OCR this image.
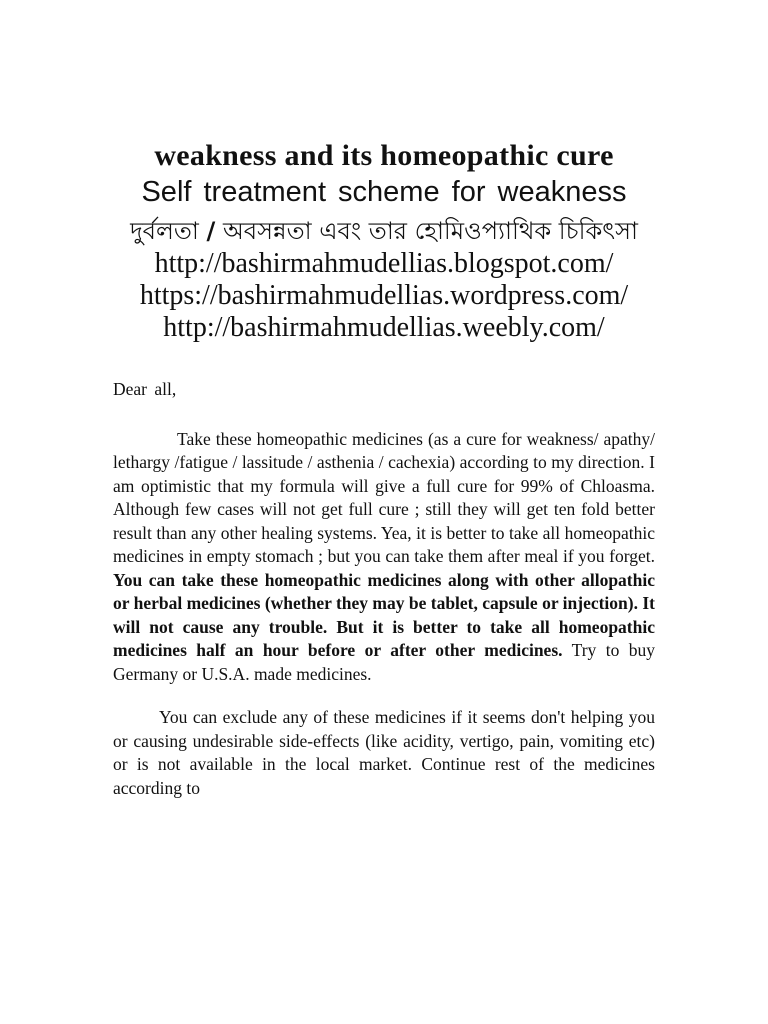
weakness and its homeopathic cure
Self treatment scheme for weakness
দুর্বলতা / অবসন্নতা এবং তার হোমিওপ্যাথিক চিকিৎসা
http://bashirmahmudellias.blogspot.com/
https://bashirmahmudellias.wordpress.com/
http://bashirmahmudellias.weebly.com/

Dear all,

Take these homeopathic medicines (as a cure for weakness/ apathy/ lethargy /fatigue / lassitude / asthenia / cachexia) according to my direction. I am optimistic that my formula will give a full cure for 99% of Chloasma. Although few cases will not get full cure ; still they will get ten fold better result than any other healing systems. Yea, it is better to take all homeopathic medicines in empty stomach ; but you can take them after meal if you forget. You can take these homeopathic medicines along with other allopathic or herbal medicines (whether they may be tablet, capsule or injection). It will not cause any trouble. But it is better to take all homeopathic medicines half an hour before or after other medicines. Try to buy Germany or U.S.A. made medicines.

You can exclude any of these medicines if it seems don't helping you or causing undesirable side-effects (like acidity, vertigo, pain, vomiting etc) or is not available in the local market. Continue rest of the medicines according to
